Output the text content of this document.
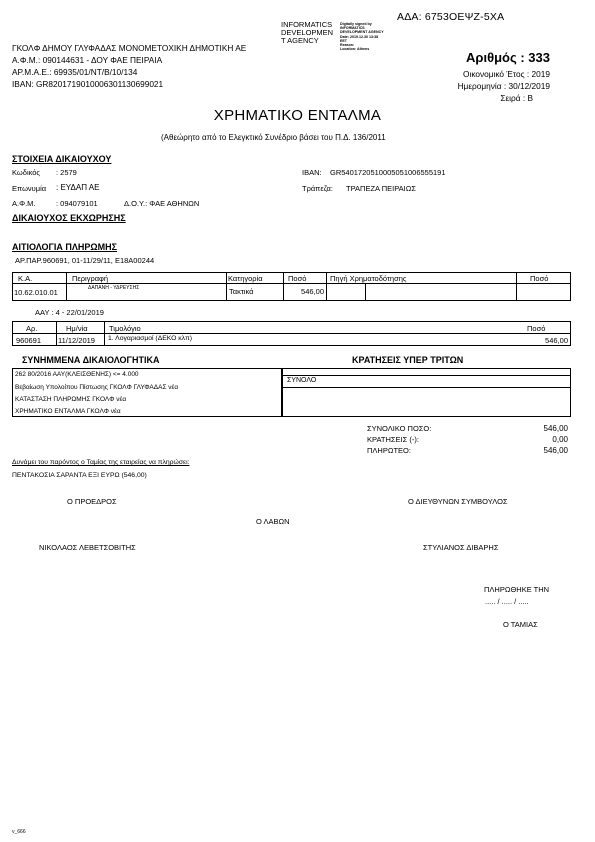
ΑΔΑ: 6753ΟΕΨΖ-5ΧΑ
INFORMATICS
DEVELOPMEN
T AGENCY
Digitally signed by
INFORMATICS
DEVELOPMENT AGENCY
Date: 2019.12.30 13:38
EET
Reason:
Location: Athens
ΓΚΟΛΦ ΔΗΜΟΥ ΓΛΥΦΑΔΑΣ ΜΟΝΟΜΕΤΟΧΙΚΗ ΔΗΜΟΤΙΚΗ ΑΕ
Α.Φ.Μ.: 090144631 - ΔΟΥ ΦΑΕ ΠΕΙΡΑΙΑ
ΑΡ.Μ.Α.Ε.: 69935/01/ΝΤ/Β/10/134
IBAN: GR8201719010006301130699021
Αριθμός : 333
Οικονομικό Έτος : 2019
Ημερομηνία : 30/12/2019
Σειρά : Β
ΧΡΗΜΑΤΙΚΟ ΕΝΤΑΛΜΑ
(Αθεώρητο από το Ελεγκτικό Συνέδριο βάσει του Π.Δ. 136/2011
ΣΤΟΙΧΕΙΑ ΔΙΚΑΙΟΥΧΟΥ
Κωδικός : 2579
Επωνυμία : ΕΥΔΑΠ ΑΕ
Α.Φ.Μ.	: 094079101	Δ.Ο.Υ.: ΦΑΕ ΑΘΗΝΩΝ
IBAN: GR5401720510005051006555191
Τράπεζα: ΤΡΑΠΕΖΑ ΠΕΙΡΑΙΩΣ
ΔΙΚΑΙΟΥΧΟΣ ΕΚΧΩΡΗΣΗΣ
ΑΙΤΙΟΛΟΓΙΑ ΠΛΗΡΩΜΗΣ
ΑΡ.ΠΑΡ.960691, 01-11/29/11, Ε18Α00244
Κ.Α.	Περιγραφή	Κατηγορία	Ποσό	Πηγή Χρηματοδότησης	Ποσό
10.62.010.01	ΔΑΠΑΝΗ - ΥΔΡΕΥΣΗΣ	Τακτικά	546,00
ΑΑΥ : 4 - 22/01/2019
Αρ.	Ημ/νία	Τιμολόγιο	Ποσό
960691 11/12/2019 1. Λογαριασμοί (ΔΕΚΟ κλπ)	546,00
ΣΥΝΗΜΜΕΝΑ ΔΙΚΑΙΟΛΟΓΗΤΙΚΑ	ΚΡΑΤΗΣΕΙΣ ΥΠΕΡ ΤΡΙΤΩΝ
ΣΥΝΟΛΟ
262 80/2016 ΑΑΥ(ΚΛΕΙΣΘΕΝΗΣ) <= 4.000
Βεβαίωση Υπολοίπου Πίστωσης ΓΚΟΛΦ ΓΛΥΦΑΔΑΣ νέα
ΚΑΤΑΣΤΑΣΗ ΠΛΗΡΩΜΗΣ ΓΚΟΛΦ νέα
ΧΡΗΜΑΤΙΚΟ ΕΝΤΑΛΜΑ ΓΚΟΛΦ νέα
ΣΥΝΟΛΙΚΟ ΠΟΣΟ:	546,00
ΚΡΑΤΗΣΕΙΣ (-):	0,00
ΠΛΗΡΩΤΕΟ:	546,00
Δυνάμει του παρόντος ο Ταμίας της εταιρείας να πληρώσει:
ΠΕΝΤΑΚΟΣΙΑ ΣΑΡΑΝΤΑ ΕΞΙ ΕΥΡΩ (546,00)
Ο ΠΡΟΕΔΡΟΣ	Ο ΔΙΕΥΘΥΝΩΝ ΣΥΜΒΟΥΛΟΣ
Ο ΛΑΒΩΝ
ΝΙΚΟΛΑΟΣ ΛΕΒΕΤΣΟΒΙΤΗΣ	ΣΤΥΛΙΑΝΟΣ ΔΙΒΑΡΗΣ
ΠΛΗΡΩΘΗΚΕ ΤΗΝ
..... / ..... / .....
Ο ΤΑΜΙΑΣ
ν_666
